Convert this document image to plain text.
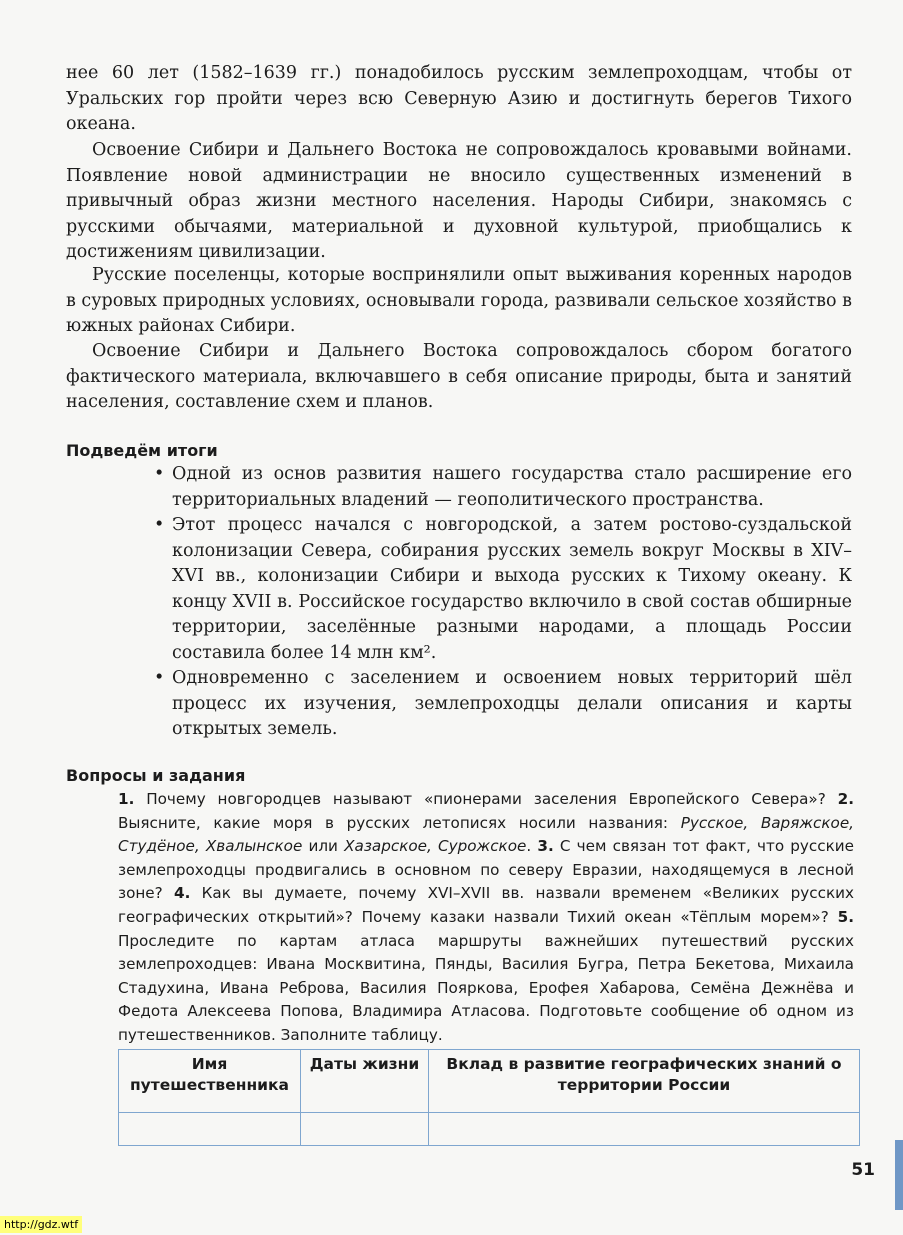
нее 60 лет (1582–1639 гг.) понадобилось русским землепроходцам, чтобы от Уральских гор пройти через всю Северную Азию и достигнуть берегов Тихого океана.

Освоение Сибири и Дальнего Востока не сопровождалось кровавыми войнами. Появление новой администрации не вносило существенных изменений в привычный образ жизни местного населения. Народы Сибири, знакомясь с русскими обычаями, материальной и духовной культурой, приобщались к достижениям цивилизации.

Русские поселенцы, которые воспринялили опыт выживания коренных народов в суровых природных условиях, основывали города, развивали сельское хозяйство в южных районах Сибири.

Освоение Сибири и Дальнего Востока сопровождалось сбором богатого фактического материала, включавшего в себя описание природы, быта и занятий населения, составление схем и планов.

Подведём итоги
• Одной из основ развития нашего государства стало расширение его территориальных владений — геополитического пространства.
• Этот процесс начался с новгородской, а затем ростово-суздальской колонизации Севера, собирания русских земель вокруг Москвы в XIV–XVI вв., колонизации Сибири и выхода русских к Тихому океану. К концу XVII в. Российское государство включило в свой состав обширные территории, заселённые разными народами, а площадь России составила более 14 млн км².
• Одновременно с заселением и освоением новых территорий шёл процесс их изучения, землепроходцы делали описания и карты открытых земель.
Вопросы и задания

1. Почему новгородцев называют «пионерами заселения Европейского Севера»? 2. Выясните, какие моря в русских летописях носили названия: Русское, Варяжское, Студёное, Хвалынское или Хазарское, Сурожское. 3. С чем связан тот факт, что русские землепроходцы продвигались в основном по северу Евразии, находящемуся в лесной зоне? 4. Как вы думаете, почему XVI–XVII вв. назвали временем «Великих русских географических открытий»? Почему казаки назвали Тихий океан «Тёплым морем»? 5. Проследите по картам атласа маршруты важнейших путешествий русских землепроходцев: Ивана Москвитина, Пянды, Василия Бугра, Петра Бекетова, Михаила Стадухина, Ивана Реброва, Василия Пояркова, Ерофея Хабарова, Семёна Дежнёва и Федота Алексеева Попова, Владимира Атласова. Подготовьте сообщение об одном из путешественников. Заполните таблицу.

Имя путешественника	Даты жизни	Вклад в развитие географических знаний о территории России

51
http://gdz.wtf
